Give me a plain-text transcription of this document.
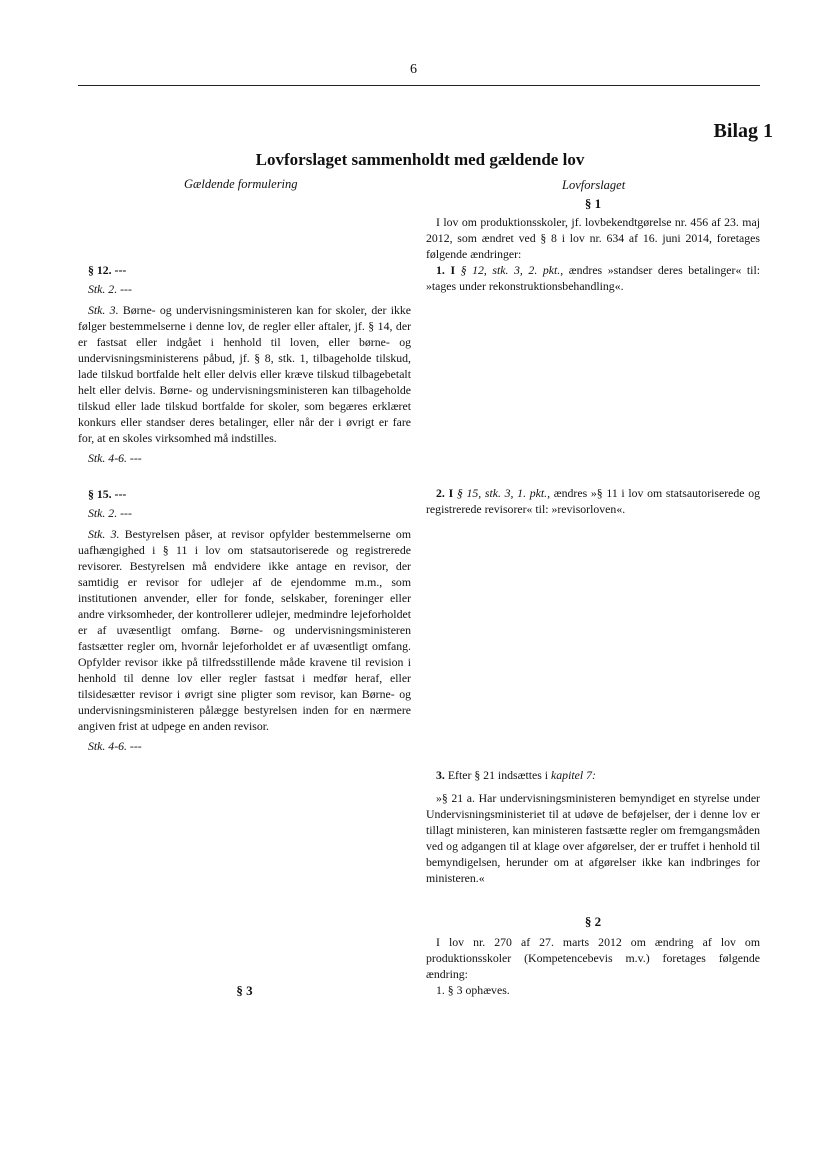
6
Bilag 1
Lovforslaget sammenholdt med gældende lov
Gældende formulering	Lovforslaget

§ 12. ---

Stk. 2. ---

Stk. 3. Børne- og undervisningsministeren kan for skoler, der ikke følger bestemmelserne i denne lov, de regler eller aftaler, jf. § 14, der er fastsat eller indgået i henhold til loven, eller børne- og undervisningsministerens påbud, jf. § 8, stk. 1, tilbageholde tilskud, lade tilskud bortfalde helt eller delvis eller kræve tilskud tilbagebetalt helt eller delvis. Børne- og undervisningsministeren kan tilbageholde tilskud eller lade tilskud bortfalde for skoler, som begæres erklæret konkurs eller standser deres betalinger, eller når der i øvrigt er fare for, at en skoles virksomhed må indstilles.

Stk. 4-6. ---

§ 15. ---

Stk. 2. ---

Stk. 3. Bestyrelsen påser, at revisor opfylder bestemmelserne om uafhængighed i § 11 i lov om statsautoriserede og registrerede revisorer. Bestyrelsen må endvidere ikke antage en revisor, der samtidig er revisor for udlejer af de ejendomme m.m., som institutionen anvender, eller for fonde, selskaber, foreninger eller andre virksomheder, der kontrollerer udlejer, medmindre lejeforholdet er af uvæsentligt omfang. Børne- og undervisningsministeren fastsætter regler om, hvornår lejeforholdet er af uvæsentligt omfang. Opfylder revisor ikke på tilfredsstillende måde kravene til revision i henhold til denne lov eller regler fastsat i medfør heraf, eller tilsidesætter revisor i øvrigt sine pligter som revisor, kan Børne- og undervisningsministeren pålægge bestyrelsen inden for en nærmere angiven frist at udpege en anden revisor.

Stk. 4-6. ---

§ 3

§ 1

I lov om produktionsskoler, jf. lovbekendtgørelse nr. 456 af 23. maj 2012, som ændret ved § 8 i lov nr. 634 af 16. juni 2014, foretages følgende ændringer:

1. I § 12, stk. 3, 2. pkt., ændres »standser deres betalinger« til: »tages under rekonstruktionsbehandling«.

2. I § 15, stk. 3, 1. pkt., ændres »§ 11 i lov om statsautoriserede og registrerede revisorer« til: »revisorloven«.

3. Efter § 21 indsættes i kapitel 7:

»§ 21 a. Har undervisningsministeren bemyndiget en styrelse under Undervisningsministeriet til at udøve de beføjelser, der i denne lov er tillagt ministeren, kan ministeren fastsætte regler om fremgangsmåden ved og adgangen til at klage over afgørelser, der er truffet i henhold til bemyndigelsen, herunder om at afgørelser ikke kan indbringes for ministeren.«

§ 2

I lov nr. 270 af 27. marts 2012 om ændring af lov om produktionsskoler (Kompetencebevis m.v.) foretages følgende ændring:

1. § 3 ophæves.
